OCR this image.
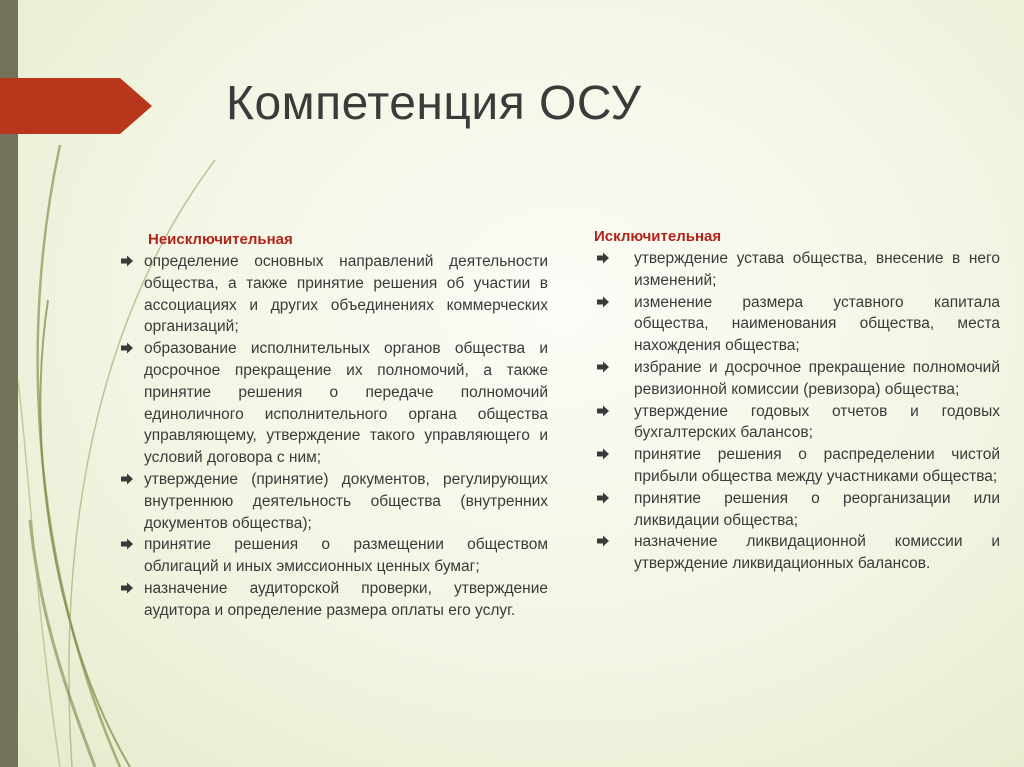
Компетенция ОСУ
Неисключительная
определение основных направлений деятельности общества, а также принятие решения об участии в ассоциациях и других объединениях коммерческих организаций;
образование исполнительных органов общества и досрочное прекращение их полномочий, а также принятие решения о передаче полномочий единоличного исполнительного органа общества управляющему, утверждение такого управляющего и условий договора с ним;
утверждение (принятие) документов, регулирующих внутреннюю деятельность общества (внутренних документов общества);
принятие решения о размещении обществом облигаций и иных эмиссионных ценных бумаг;
назначение аудиторской проверки, утверждение аудитора и определение размера оплаты его услуг.
Исключительная
утверждение устава общества, внесение в него изменений;
изменение размера уставного капитала общества, наименования общества, места нахождения общества;
избрание и досрочное прекращение полномочий ревизионной комиссии (ревизора) общества;
утверждение годовых отчетов и годовых бухгалтерских балансов;
принятие решения о распределении чистой прибыли общества между участниками общества;
принятие решения о реорганизации или ликвидации общества;
назначение ликвидационной комиссии и утверждение ликвидационных балансов.
